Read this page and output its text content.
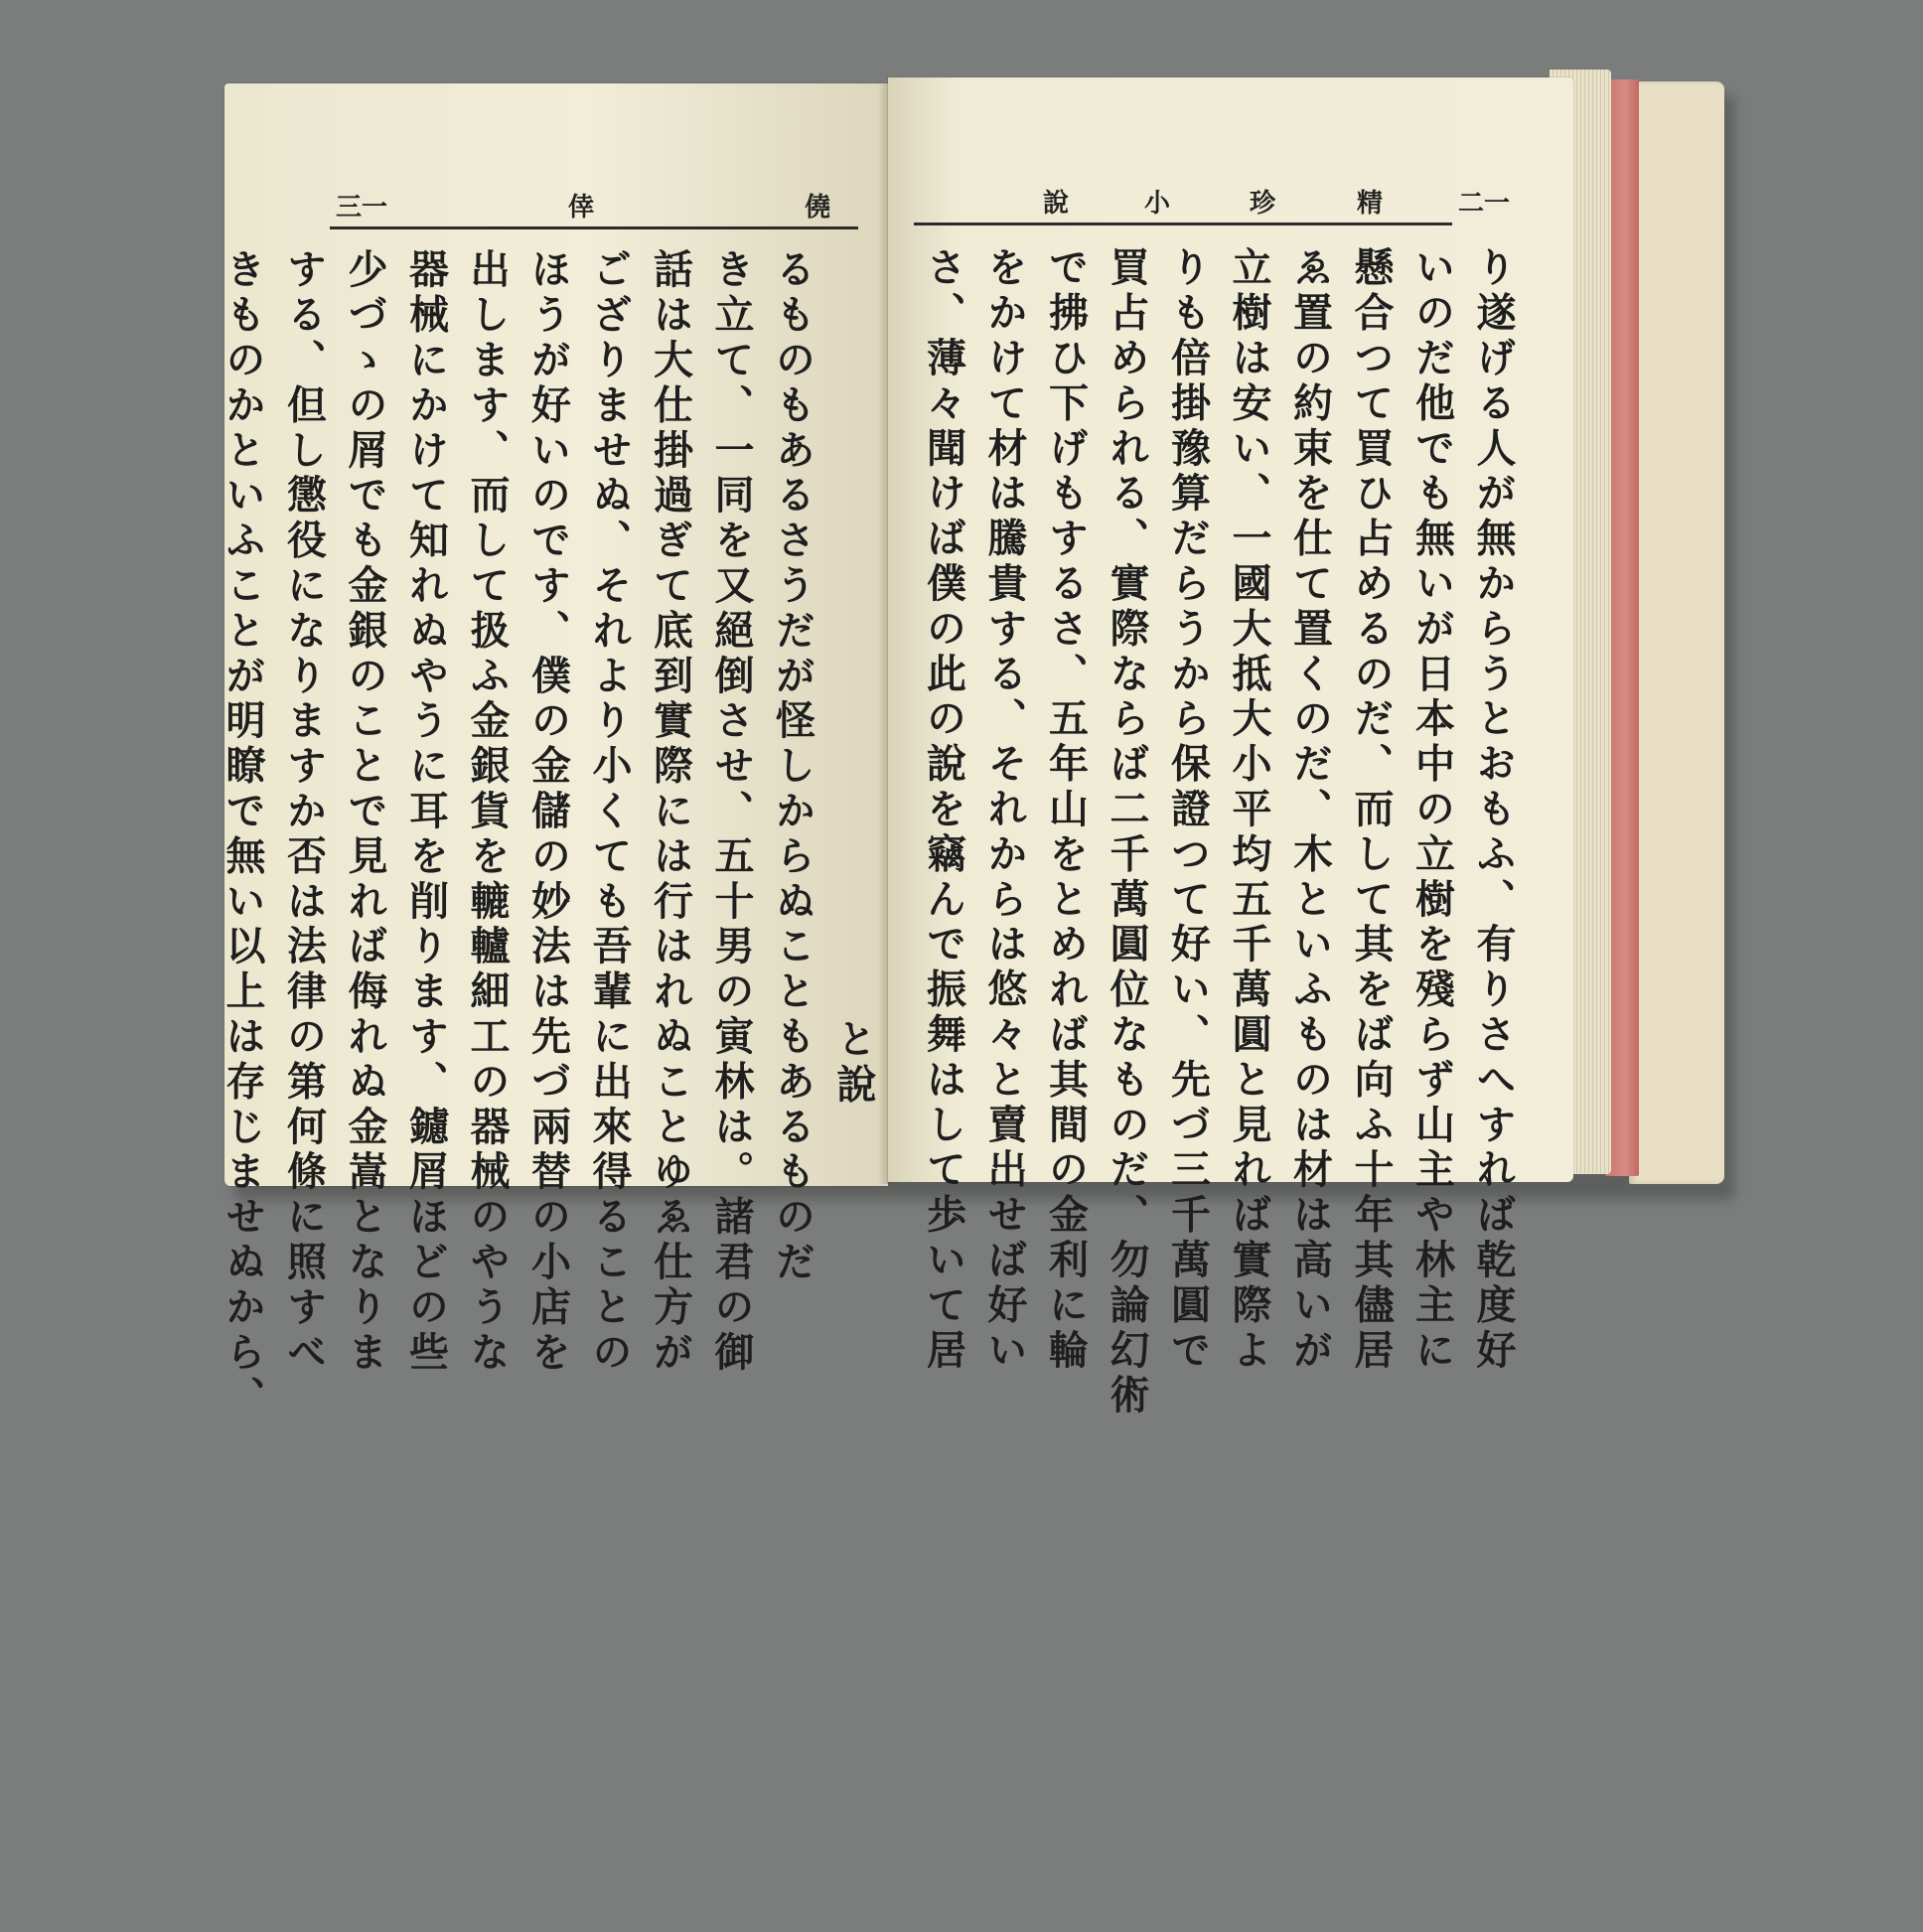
三一	倖	僥
と說
るものもあるさうだが怪しからぬこともあるものだ
き立て、一同を又絕倒させ、五十男の寅林は。諸君の御
話は大仕掛過ぎて底到實際には行はれぬことゆゑ仕方が
ござりませぬ、それより小くても吾輩に出來得ることの
ほうが好いのです、僕の金儲の妙法は先づ兩替の小店を
出します、而して扱ふ金銀貨を轆轤細工の器械のやうな
器械にかけて知れぬやうに耳を削ります、鑢屑ほどの些
少づゝの屑でも金銀のことで見れば侮れぬ金嵩となりま
する、但し懲役になりますか否は法律の第何條に照すべ
きものかといふことが明瞭で無い以上は存じませぬから、
說	小	珍	精	二一
り遂げる人が無からうとおもふ、有りさへすれば乾度好
いのだ他でも無いが日本中の立樹を殘らず山主や林主に
懸合つて買ひ占めるのだ、而して其をば向ふ十年其儘居
ゑ置の約束を仕て置くのだ、木といふものは材は高いが
立樹は安い、一國大抵大小平均五千萬圓と見れば實際よ
りも倍掛豫算だらうから保證つて好い、先づ三千萬圓で
買占められる、實際ならば二千萬圓位なものだ、勿論幻術
で拂ひ下げもするさ、五年山をとめれば其間の金利に輪
をかけて材は騰貴する、それからは悠々と賣出せば好い
さ、薄々聞けば僕の此の說を竊んで振舞はして歩いて居
